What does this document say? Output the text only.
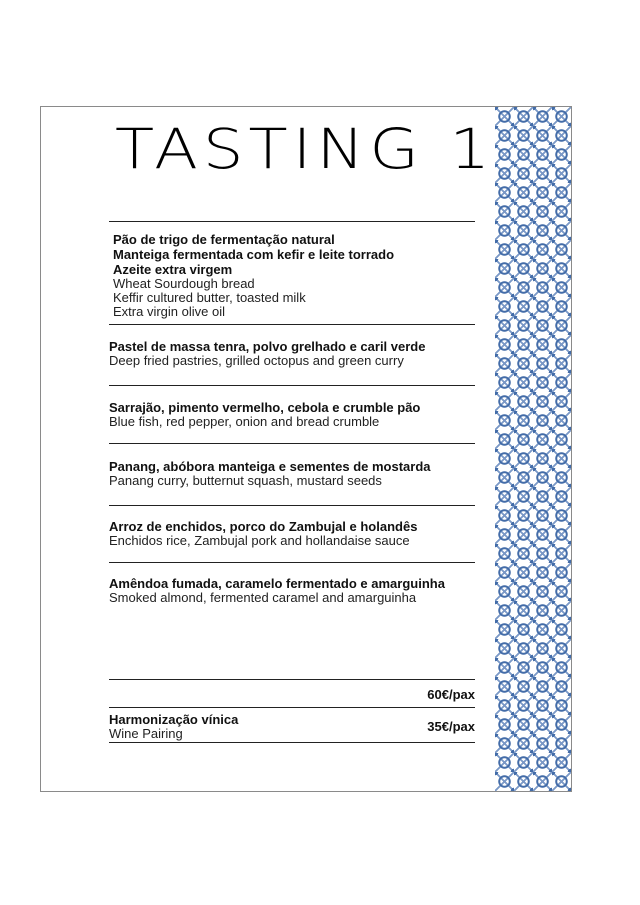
TASTING 1
Pão de trigo de fermentação natural
Manteiga fermentada com kefir e leite torrado
Azeite extra virgem
Wheat Sourdough bread
Keffir cultured butter, toasted milk
Extra virgin olive oil
Pastel de massa tenra, polvo grelhado e caril verde
Deep fried pastries, grilled octopus and green curry
Sarrajão, pimento vermelho, cebola e crumble pão
Blue fish, red pepper, onion and bread crumble
Panang, abóbora manteiga e sementes de mostarda
Panang curry, butternut squash, mustard seeds
Arroz de enchidos, porco do Zambujal e holandês
Enchidos rice, Zambujal pork and hollandaise sauce
Amêndoa fumada, caramelo fermentado e amarguinha
Smoked almond, fermented caramel and amarguinha
60€/pax
Harmonização vínica
Wine Pairing	35€/pax
